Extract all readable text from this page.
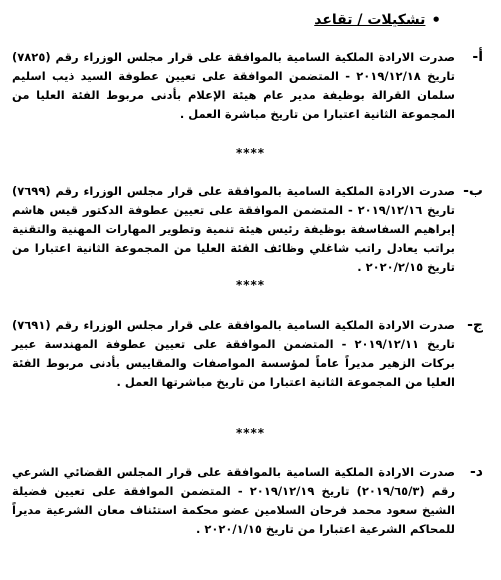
•
تشكيلات / تقاعد
أ-
صدرت الارادة الملكية السامية بالموافقة على قرار مجلس الوزراء رقم (٧٨٢٥) تاريخ ٢٠١٩/١٢/١٨ - المتضمن الموافقة على تعيين عطوفة السيد ذيب اسليم سلمان القرالة بوظيفة مدير عام هيئة الإعلام بأدنى مربوط الفئة العليا من المجموعة الثانية اعتبارا من تاريخ مباشرة العمل .
****
ب-
صدرت الارادة الملكية السامية بالموافقة على قرار مجلس الوزراء رقم (٧٦٩٩) تاريخ ٢٠١٩/١٢/١٦ - المتضمن الموافقة على تعيين عطوفة الدكتور قيس هاشم إبراهيم السفاسفة بوظيفة رئيس هيئة تنمية وتطوير المهارات المهنية والتقنية براتب يعادل راتب شاغلي وظائف الفئة العليا من المجموعة الثانية اعتبارا من تاريخ ٢٠٢٠/٢/١٥ .
****
ج-
صدرت الارادة الملكية السامية بالموافقة على قرار مجلس الوزراء رقم (٧٦٩١) تاريخ ٢٠١٩/١٢/١١ - المتضمن الموافقة على تعيين عطوفة المهندسة عبير بركات الزهير مديراً عاماً لمؤسسة المواصفات والمقاييس بأدنى مربوط الفئة العليا من المجموعة الثانية اعتبارا من تاريخ مباشرتها العمل .
****
د-
صدرت الارادة الملكية السامية بالموافقة على قرار المجلس القضائي الشرعي رقم (٢٠١٩/٦٥/٣) تاريخ ٢٠١٩/١٢/١٩ - المتضمن الموافقة على تعيين فضيلة الشيخ سعود محمد فرحان السلامين عضو محكمة استئناف معان الشرعية مديراً للمحاكم الشرعية اعتبارا من تاريخ ٢٠٢٠/١/١٥ .
